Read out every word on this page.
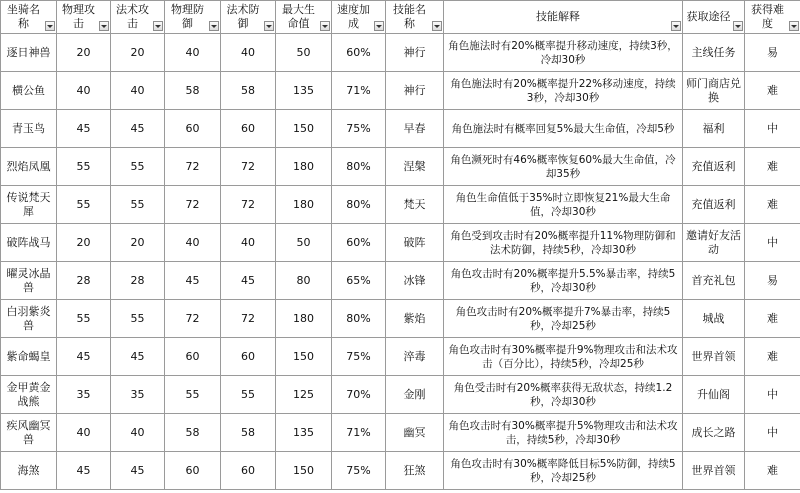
坐骑名称	物理攻击	法术攻击	物理防御	法术防御	最大生命值	速度加成	技能名称	技能解释	获取途径	获得难度

逐日神兽	20	20	40	40	50	60%	神行	角色施法时有20%概率提升移动速度，持续3秒，冷却30秒	主线任务	易
横公鱼	40	40	58	58	135	71%	神行	角色施法时有20%概率提升22%移动速度，持续3秒，冷却30秒	师门商店兑换	难
青玉鸟	45	45	60	60	150	75%	早春	角色施法时有概率回复5%最大生命值，冷却5秒	福利	中
烈焰凤凰	55	55	72	72	180	80%	涅槃	角色濒死时有46%概率恢复60%最大生命值，冷却35秒	充值返利	难
传说梵天犀	55	55	72	72	180	80%	梵天	角色生命值低于35%时立即恢复21%最大生命值，冷却30秒	充值返利	难
破阵战马	20	20	40	40	50	60%	破阵	角色受到攻击时有20%概率提升11%物理防御和法术防御，持续5秒，冷却30秒	邀请好友活动	中
曜灵冰晶兽	28	28	45	45	80	65%	冰锋	角色攻击时有20%概率提升5.5%暴击率，持续5秒，冷却30秒	首充礼包	易
白羽紫炎兽	55	55	72	72	180	80%	紫焰	角色攻击时有20%概率提升7%暴击率，持续5秒，冷却25秒	城战	难
紫命蝎皇	45	45	60	60	150	75%	淬毒	角色攻击时有30%概率提升9%物理攻击和法术攻击（百分比），持续5秒，冷却25秒	世界首领	难
金甲黄金战熊	35	35	55	55	125	70%	金刚	角色受击时有20%概率获得无敌状态，持续1.2秒，冷却30秒	升仙阁	中
疾风幽冥兽	40	40	58	58	135	71%	幽冥	角色攻击时有30%概率提升5%物理攻击和法术攻击，持续5秒，冷却30秒	成长之路	中
海煞	45	45	60	60	150	75%	狂煞	角色攻击时有30%概率降低目标5%防御，持续5秒，冷却25秒	世界首领	难
